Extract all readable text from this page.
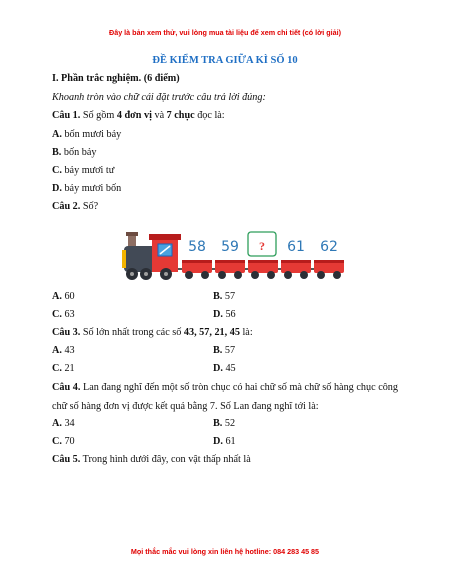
Đây là bản xem thử, vui lòng mua tài liệu để xem chi tiết (có lời giải)
ĐỀ KIỂM TRA GIỮA KÌ SỐ 10
I. Phần trắc nghiệm. (6 điểm)
Khoanh tròn vào chữ cái đặt trước câu trả lời đúng:
Câu 1. Số gồm 4 đơn vị và 7 chục đọc là:
A. bốn mươi bảy
B. bốn bảy
C. bảy mươi tư
D. bảy mươi bốn
Câu 2. Số?
58 59 ? 61 62
A. 60	B. 57
C. 63	D. 56
Câu 3. Số lớn nhất trong các số 43, 57, 21, 45 là:
A. 43	B. 57
C. 21	D. 45
Câu 4. Lan đang nghĩ đến một số tròn chục có hai chữ số mà chữ số hàng chục công chữ số hàng đơn vị được kết quả bằng 7. Số Lan đang nghĩ tới là:
A. 34	B. 52
C. 70	D. 61
Câu 5. Trong hình dưới đây, con vật thấp nhất là
Mọi thắc mắc vui lòng xin liên hệ hotline: 084 283 45 85
